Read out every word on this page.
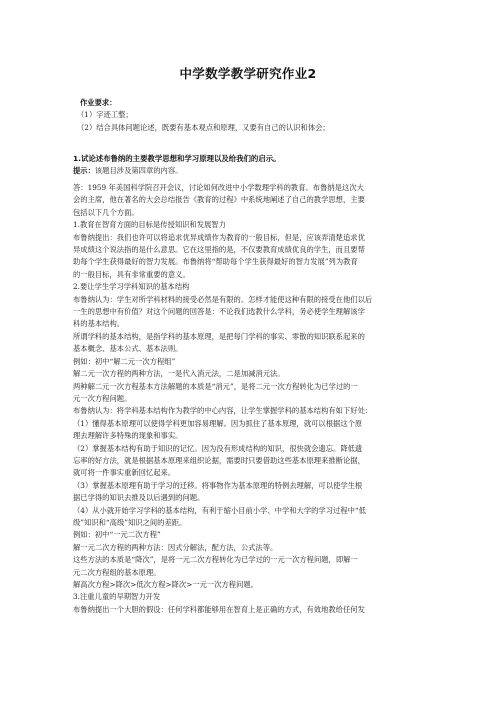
中学数学教学研究作业2
作业要求：
（1）字迹工整；
（2）结合具体问题论述，既要有基本观点和原理，又要有自己的认识和体会；
1.试论述布鲁纳的主要教学思想和学习原理以及给我们的启示。
提示：该题目涉及第四章的内容。
答：1959 年美国科学院召开会议，讨论如何改进中小学数理学科的教育。布鲁纳是这次大
会的主席，他在著名的大会总结报告《教育的过程》中系统地阐述了自己的教学思想，主要
包括以下几个方面。
1.教育在智育方面的目标是传授知识和发展智力
布鲁纳提出：我们也许可以将追求优异成绩作为教育的一般目标，但是，应该弄清楚追求优
异成绩这个说法指的是什么意思。它在这里指的是，不仅要教育成绩优良的学生，而且要帮
助每个学生获得最好的智力发展。布鲁纳将“帮助每个学生获得最好的智力发展”列为教育
的一般目标，具有非常重要的意义。
2.要让学生学习学科知识的基本结构
布鲁纳认为：学生对所学科材料的接受必然是有限的。怎样才能使这种有限的接受在他们以后
一生的思想中有价值？对这个问题的回答是：不论我们选教什么学科，务必使学生理解该学
科的基本结构。
所谓学科的基本结构，是指学科的基本原理，是把每门学科的事实、零散的知识联系起来的
基本概念、基本公式、基本法则。
例如：初中“解二元一次方程组”
解二元一次方程的两种方法，一是代入消元法，二是加减消元法。
两种解二元一次方程基本方法解题的本质是“消元”，是将二元一次方程转化为已学过的一
元一次方程问题。
布鲁纳认为：将学科基本结构作为教学的中心内容，让学生掌握学科的基本结构有如下好处：
（1）懂得基本原理可以使得学科更加容易理解。因为抓住了基本原理，就可以根据这个原
理去理解许多特殊的现象和事实。
（2）掌握基本结构有助于知识的记忆。因为没有形成结构的知识，很快就会遗忘。降低遗
忘率的好方法，就是根据基本原理来组织论据，需要时只要借助这些基本原理来推断论据，
就可将一件事实重新回忆起来。
（3）掌握基本原理有助于学习的迁移。将事物作为基本原理的特例去理解，可以使学生根
据已学得的知识去推及以后遇到的问题。
（4）从小就开始学习学科的基本结构，有利于缩小目前小学、中学和大学的学习过程中“低
级”知识和“高级”知识之间的差距。
例如：初中“一元二次方程”
解一元二次方程的两种方法：因式分解法，配方法，公式法等。
这些方法的本质是“降次”，是将一元二次方程转化为已学过的一元一次方程问题，即解一
元二次方程组的基本原理。
解高次方程>降次>低次方程>降次>一元一次方程问题。
3.注重儿童的早期智力开发
布鲁纳提出一个大胆的假设：任何学科都能够用在智育上是正确的方式，有效地教给任何发
